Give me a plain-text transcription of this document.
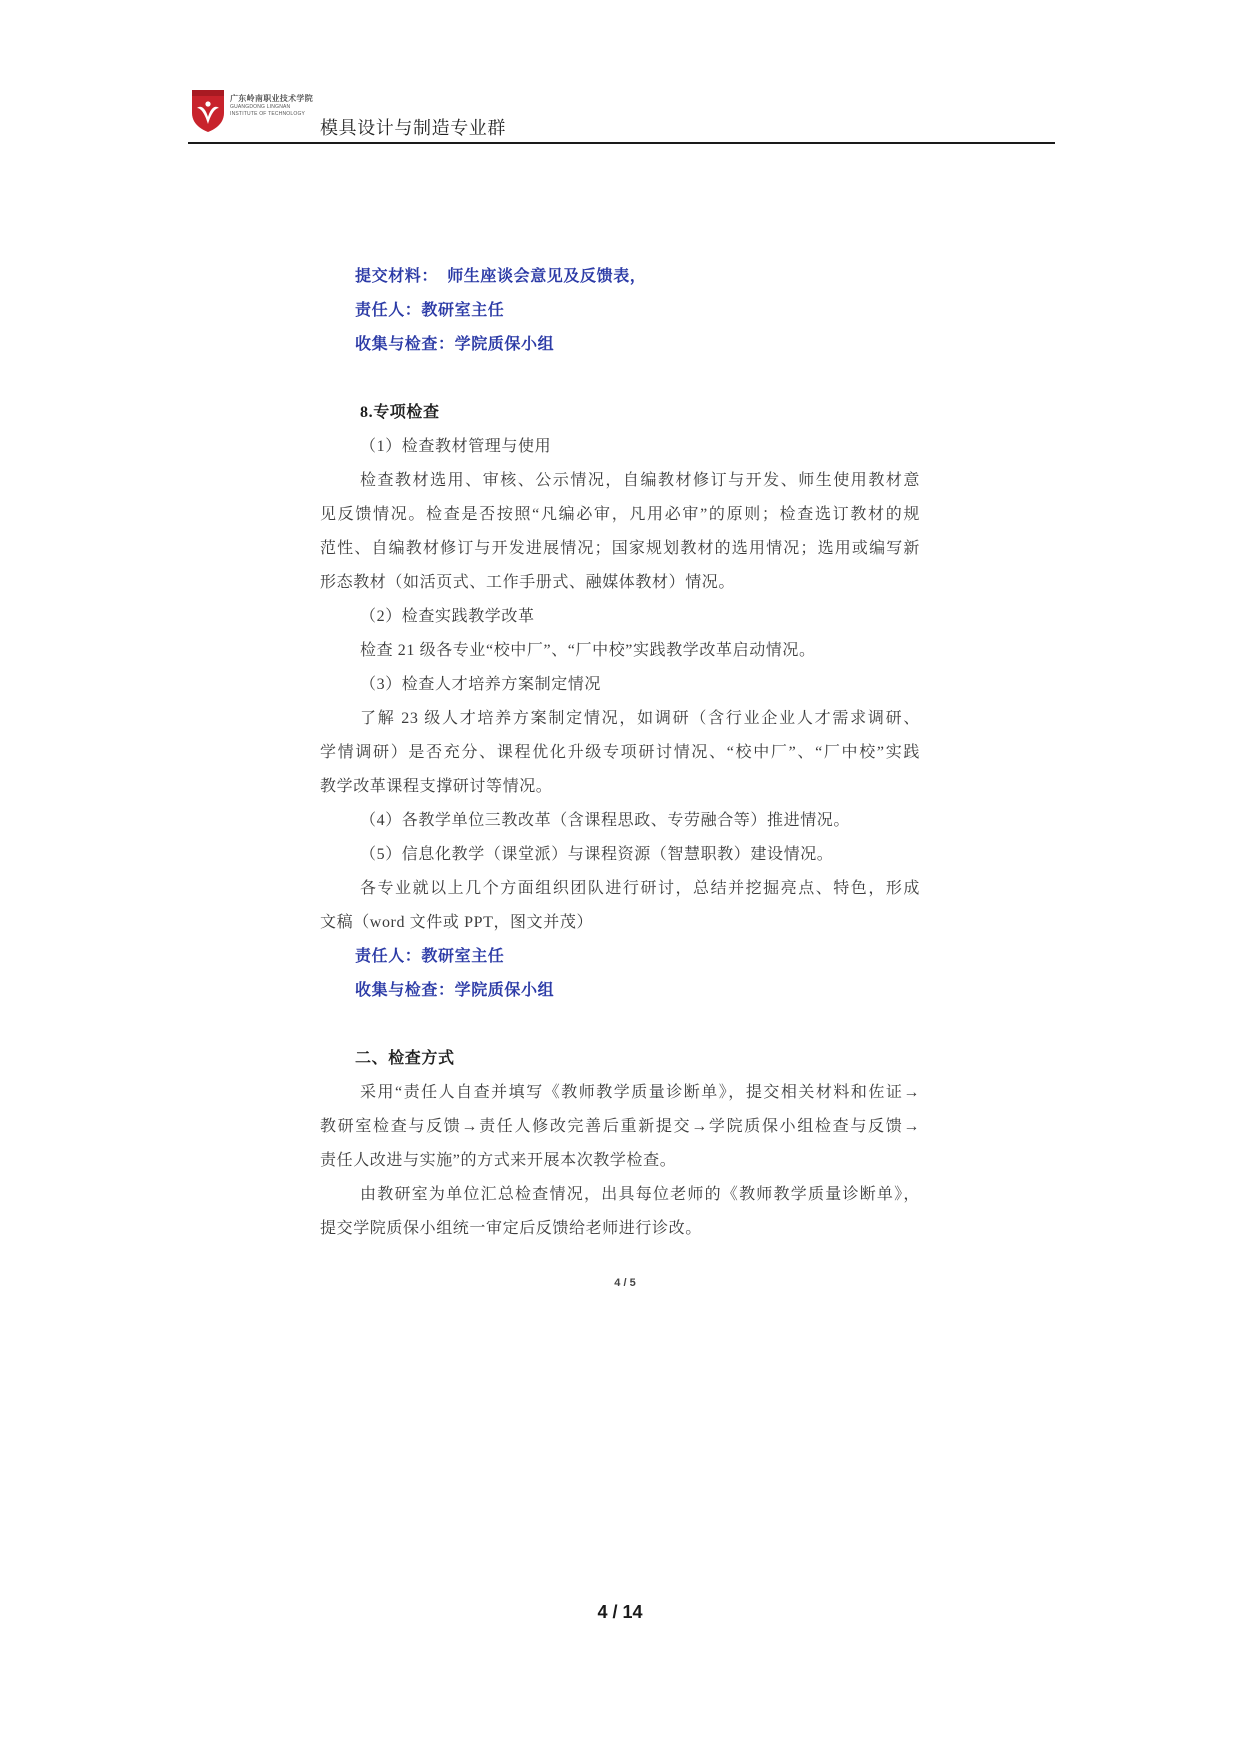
广东岭南职业技术学院
GUANGDONG LINGNAN
INSTITUTE OF TECHNOLOGY
模具设计与制造专业群
提交材料：  师生座谈会意见及反馈表，
责任人：教研室主任
收集与检查：学院质保小组
8.专项检查
（1）检查教材管理与使用
检查教材选用、审核、公示情况，自编教材修订与开发、师生使用教材意
见反馈情况。检查是否按照“凡编必审，凡用必审”的原则；检查选订教材的规
范性、自编教材修订与开发进展情况；国家规划教材的选用情况；选用或编写新
形态教材（如活页式、工作手册式、融媒体教材）情况。
（2）检查实践教学改革
检查 21 级各专业“校中厂”、“厂中校”实践教学改革启动情况。
（3）检查人才培养方案制定情况
了解 23 级人才培养方案制定情况，如调研（含行业企业人才需求调研、
学情调研）是否充分、课程优化升级专项研讨情况、“校中厂”、“厂中校”实践
教学改革课程支撑研讨等情况。
（4）各教学单位三教改革（含课程思政、专劳融合等）推进情况。
（5）信息化教学（课堂派）与课程资源（智慧职教）建设情况。
各专业就以上几个方面组织团队进行研讨，总结并挖掘亮点、特色，形成
文稿（word 文件或 PPT，图文并茂）
责任人：教研室主任
收集与检查：学院质保小组
二、检查方式
采用“责任人自查并填写《教师教学质量诊断单》，提交相关材料和佐证→
教研室检查与反馈→责任人修改完善后重新提交→学院质保小组检查与反馈→
责任人改进与实施”的方式来开展本次教学检查。
由教研室为单位汇总检查情况，出具每位老师的《教师教学质量诊断单》，
提交学院质保小组统一审定后反馈给老师进行诊改。
4 / 5
4 / 14
